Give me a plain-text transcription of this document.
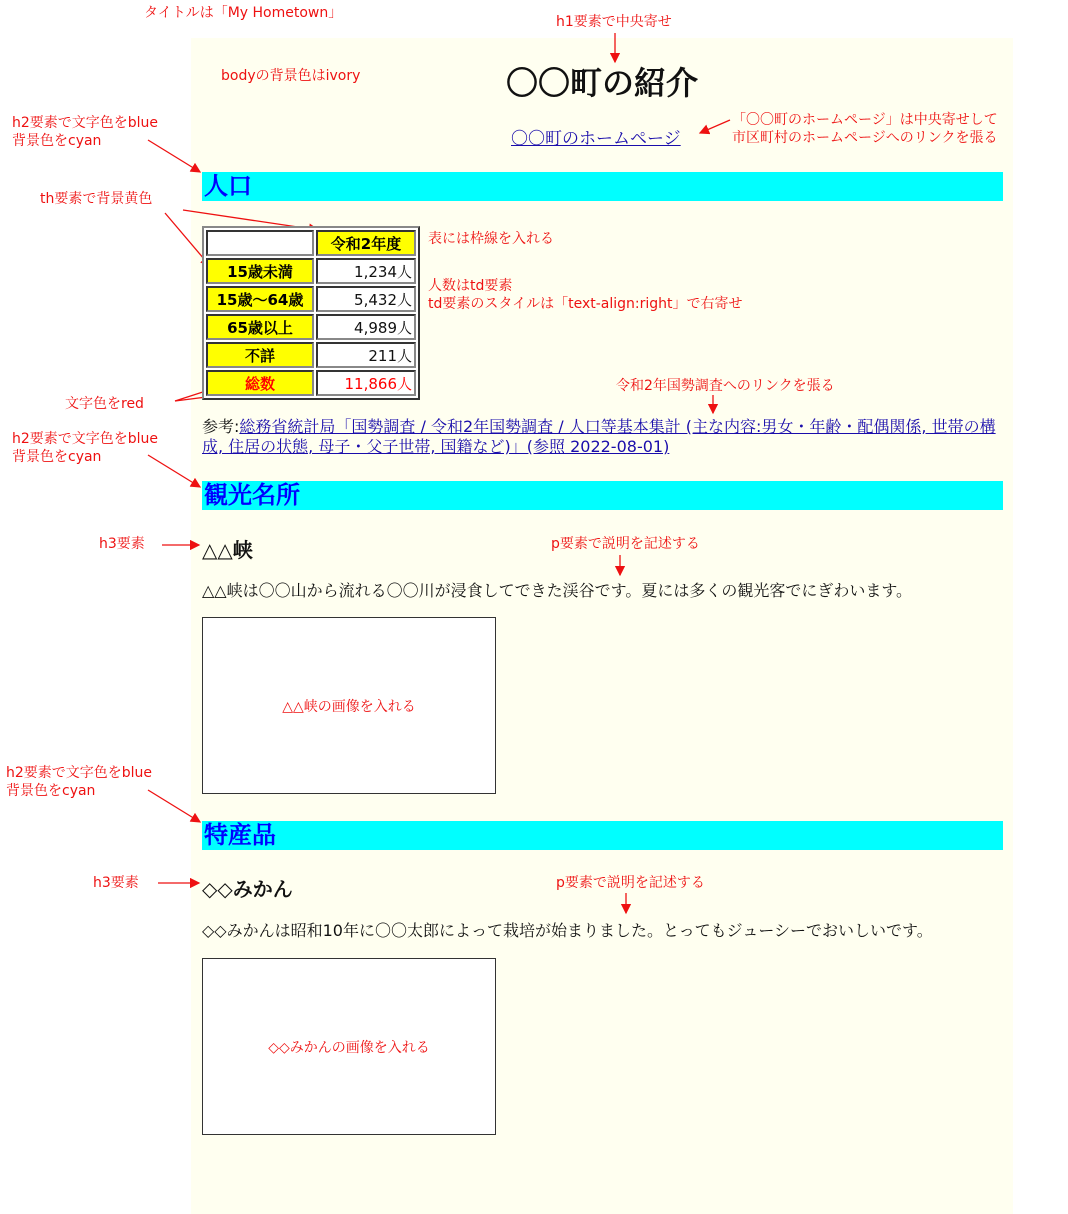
タイトルは「My Hometown」
h1要素で中央寄せ
bodyの背景色はivory
h2要素で文字色をblue
背景色をcyan
「〇〇町のホームページ」は中央寄せして
市区町村のホームページへのリンクを張る
th要素で背景黄色
表には枠線を入れる
人数はtd要素
td要素のスタイルは「text-align:right」で右寄せ
令和2年国勢調査へのリンクを張る
文字色をred
h2要素で文字色をblue
背景色をcyan
h3要素	p要素で説明を記述する
h2要素で文字色をblue
背景色をcyan
h3要素	p要素で説明を記述する
〇〇町の紹介
〇〇町のホームページ
人口
	令和2年度
15歳未満	1,234人
15歳〜64歳	5,432人
65歳以上	4,989人
不詳	211人
総数	11,866人
参考:総務省統計局「国勢調査 / 令和2年国勢調査 / 人口等基本集計 (主な内容:男女・年齢・配偶関係, 世帯の構成, 住居の状態, 母子・父子世帯, 国籍など)」(参照 2022-08-01)
観光名所
△△峡

△△峡は〇〇山から流れる〇〇川が浸食してできた渓谷です。夏には多くの観光客でにぎわいます。

△△峡の画像を入れる
特産品
◇◇みかん

◇◇みかんは昭和10年に〇〇太郎によって栽培が始まりました。とってもジューシーでおいしいです。

◇◇みかんの画像を入れる
